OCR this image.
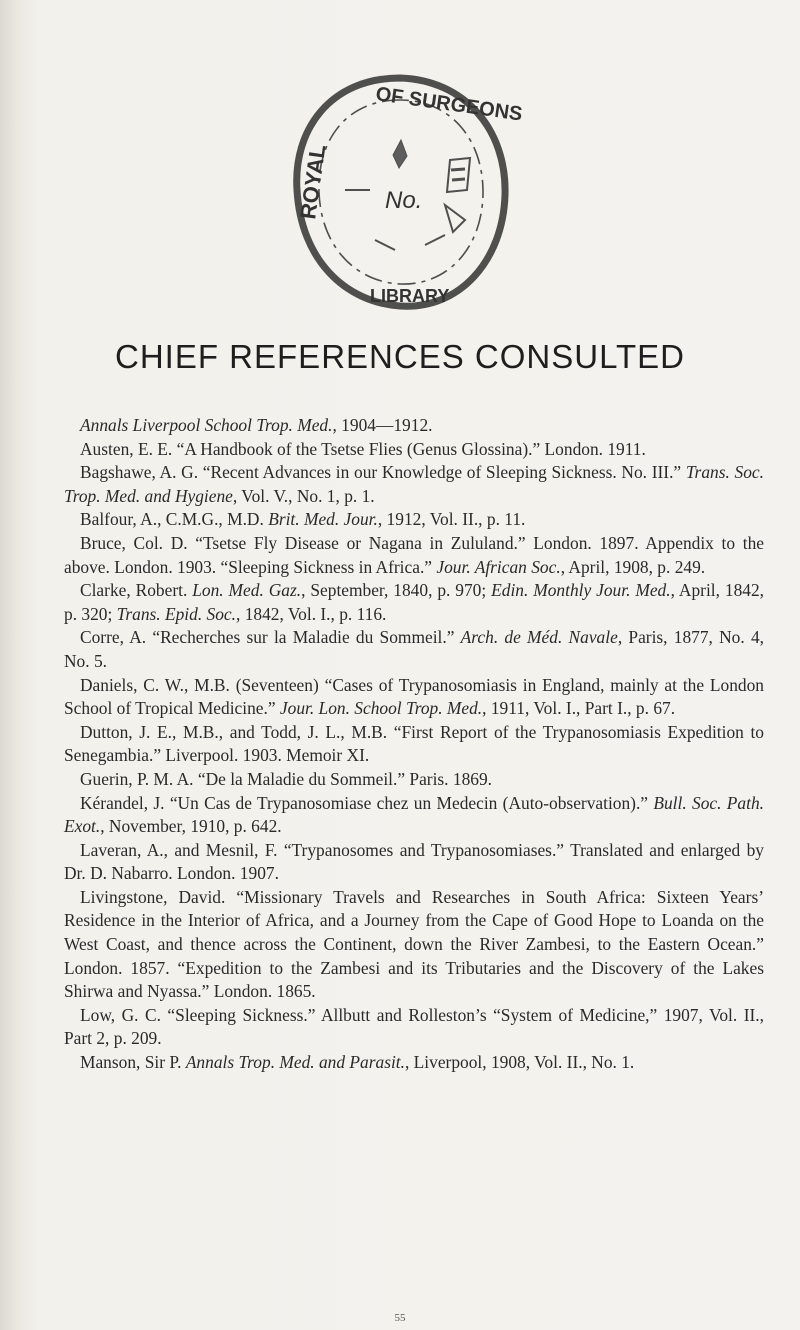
ROYAL
OF SURGEONS
LIBRARY
No.
CHIEF REFERENCES CONSULTED

Annals Liverpool School Trop. Med., 1904—1912.

Austen, E. E. “A Handbook of the Tsetse Flies (Genus Glossina).” London. 1911.

Bagshawe, A. G. “Recent Advances in our Knowledge of Sleeping Sickness. No. III.” Trans. Soc. Trop. Med. and Hygiene, Vol. V., No. 1, p. 1.

Balfour, A., C.M.G., M.D. Brit. Med. Jour., 1912, Vol. II., p. 11.

Bruce, Col. D. “Tsetse Fly Disease or Nagana in Zululand.” London. 1897. Appendix to the above. London. 1903. “Sleeping Sickness in Africa.” Jour. African Soc., April, 1908, p. 249.

Clarke, Robert. Lon. Med. Gaz., September, 1840, p. 970; Edin. Monthly Jour. Med., April, 1842, p. 320; Trans. Epid. Soc., 1842, Vol. I., p. 116.

Corre, A. “Recherches sur la Maladie du Sommeil.” Arch. de Méd. Navale, Paris, 1877, No. 4, No. 5.

Daniels, C. W., M.B. (Seventeen) “Cases of Trypanosomiasis in England, mainly at the London School of Tropical Medicine.” Jour. Lon. School Trop. Med., 1911, Vol. I., Part I., p. 67.

Dutton, J. E., M.B., and Todd, J. L., M.B. “First Report of the Trypanosomiasis Expedition to Senegambia.” Liverpool. 1903. Memoir XI.

Guerin, P. M. A. “De la Maladie du Sommeil.” Paris. 1869.

Kérandel, J. “Un Cas de Trypanosomiase chez un Medecin (Auto-observation).” Bull. Soc. Path. Exot., November, 1910, p. 642.

Laveran, A., and Mesnil, F. “Trypanosomes and Trypanosomiases.” Translated and enlarged by Dr. D. Nabarro. London. 1907.

Livingstone, David. “Missionary Travels and Researches in South Africa: Sixteen Years’ Residence in the Interior of Africa, and a Journey from the Cape of Good Hope to Loanda on the West Coast, and thence across the Continent, down the River Zambesi, to the Eastern Ocean.” London. 1857. “Expedition to the Zambesi and its Tributaries and the Discovery of the Lakes Shirwa and Nyassa.” London. 1865.

Low, G. C. “Sleeping Sickness.” Allbutt and Rolleston’s “System of Medicine,” 1907, Vol. II., Part 2, p. 209.

Manson, Sir P. Annals Trop. Med. and Parasit., Liverpool, 1908, Vol. II., No. 1.

55
